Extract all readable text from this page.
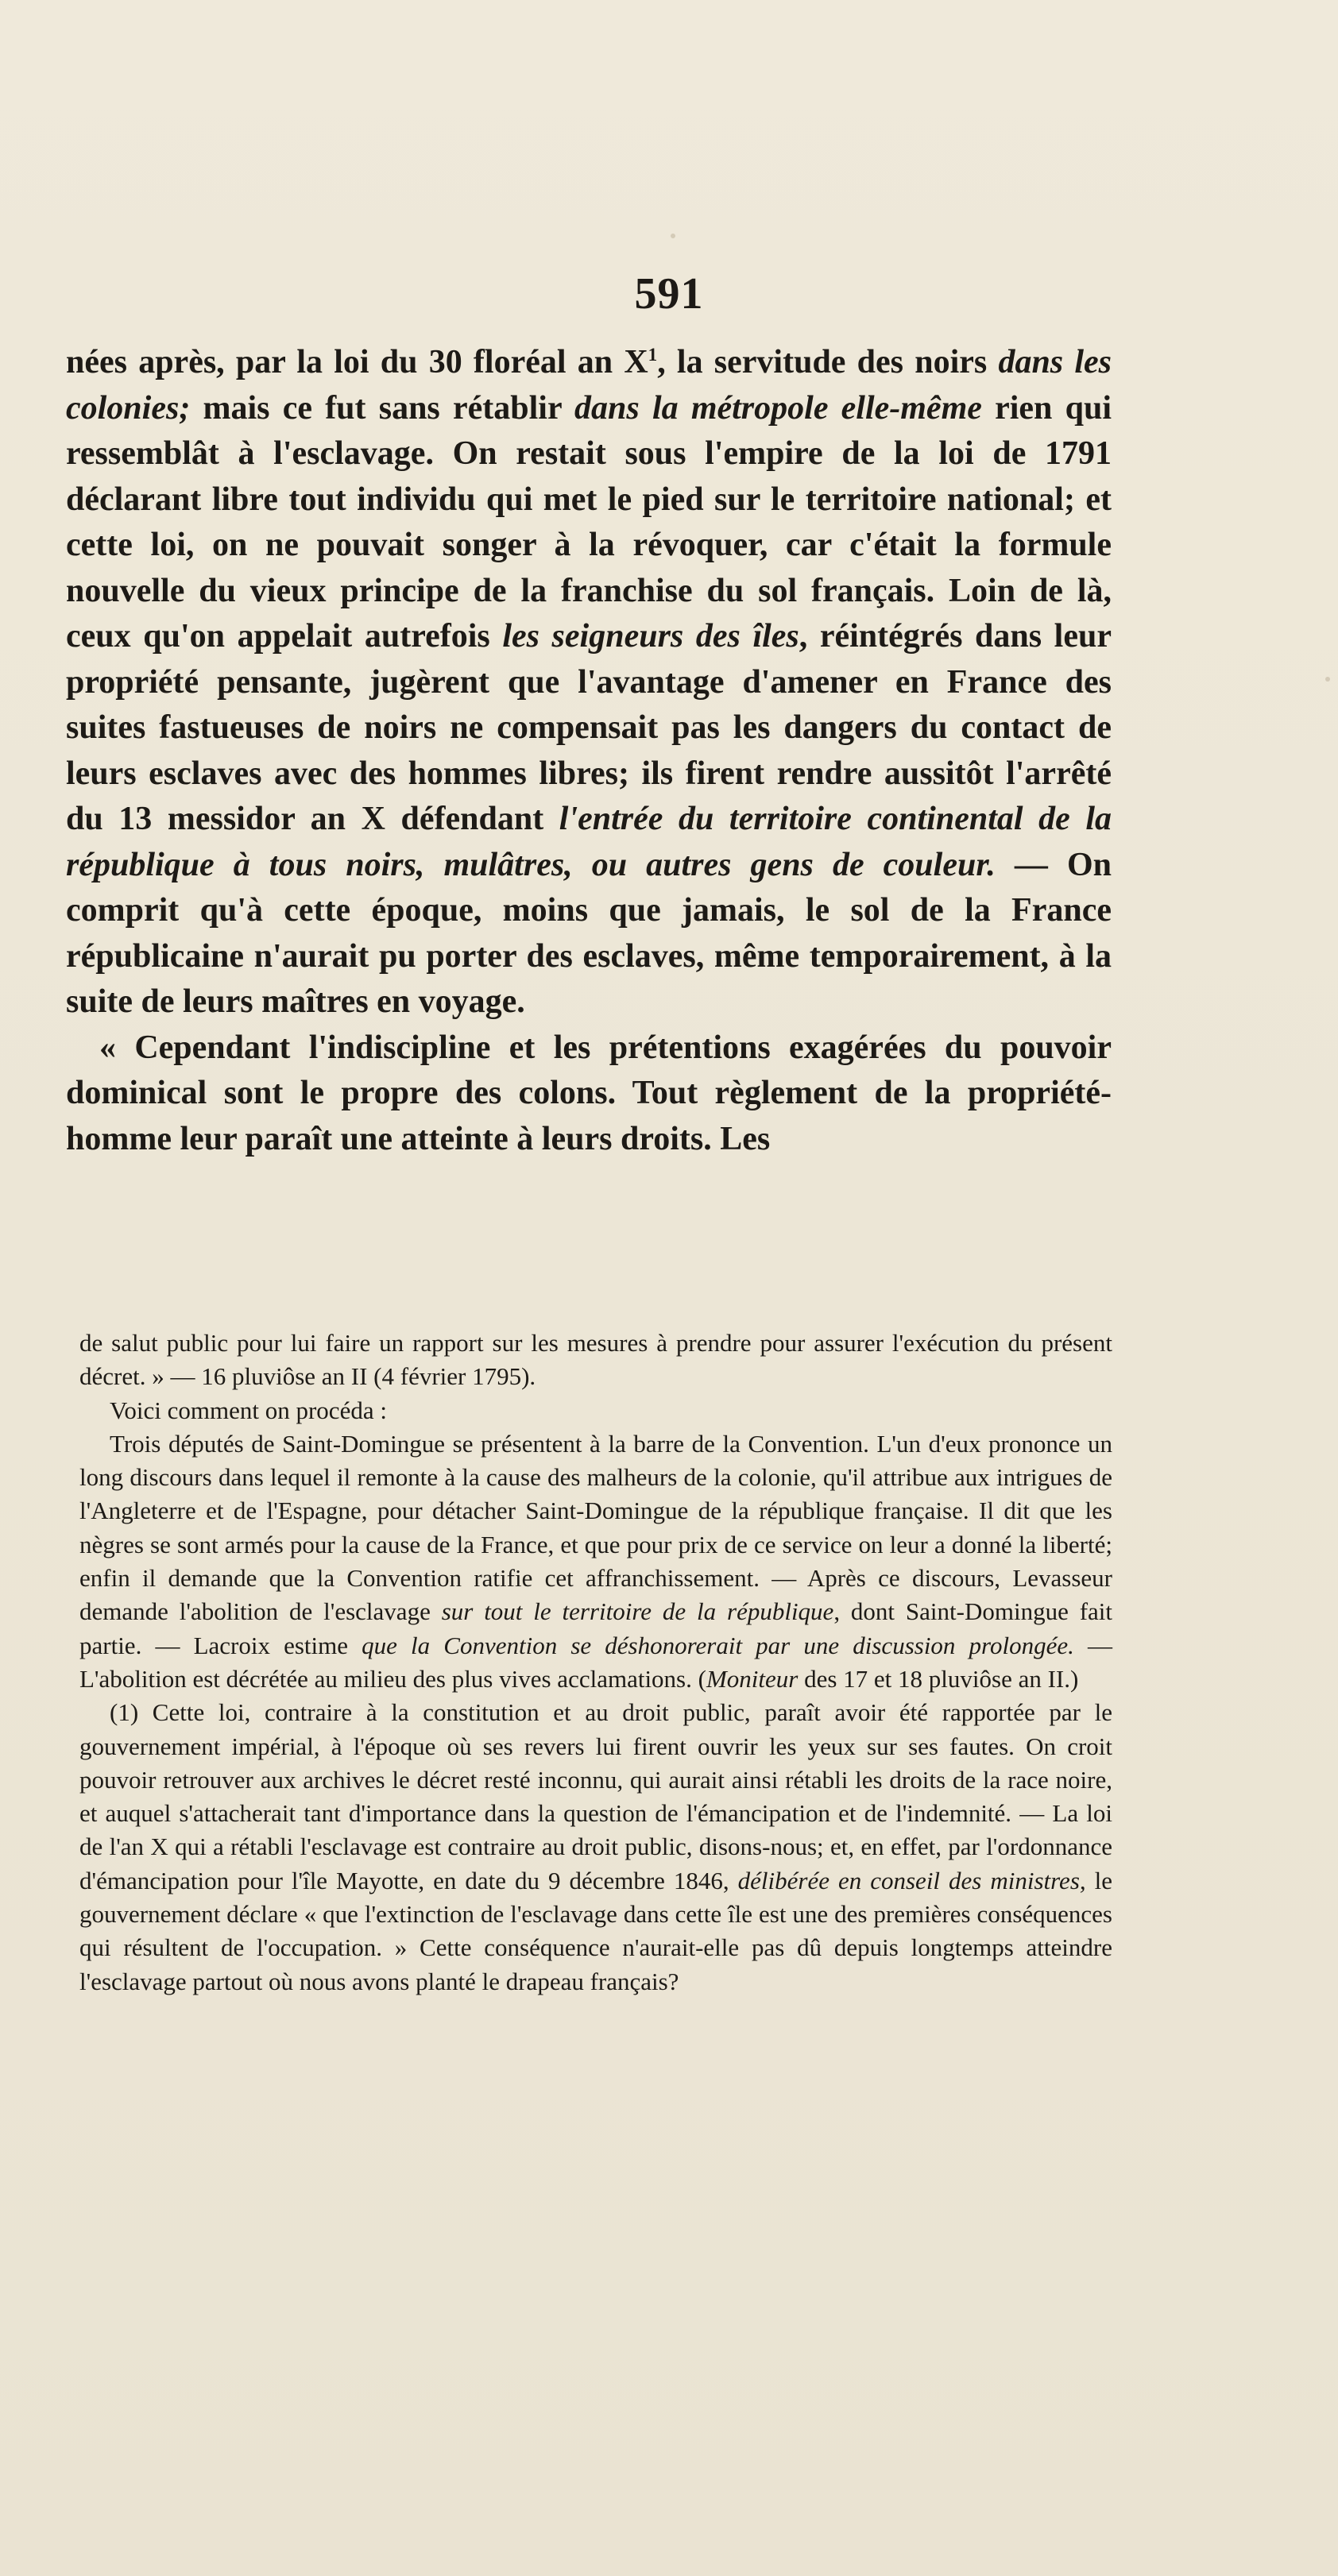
591

nées après, par la loi du 30 floréal an $X^1$, la servitude des noirs dans les colonies; mais ce fut sans rétablir dans la métropole elle-même rien qui ressemblât à l'esclavage. On restait sous l'empire de la loi de 1791 déclarant libre tout individu qui met le pied sur le territoire national; et cette loi, on ne pouvait songer à la révoquer, car c'était la formule nouvelle du vieux principe de la franchise du sol français. Loin de là, ceux qu'on appelait autrefois les seigneurs des îles, réintégrés dans leur propriété pensante, jugèrent que l'avantage d'amener en France des suites fastueuses de noirs ne compensait pas les dangers du contact de leurs esclaves avec des hommes libres; ils firent rendre aussitôt l'arrêté du 13 messidor an X défendant l'entrée du territoire continental de la république à tous noirs, mulâtres, ou autres gens de couleur. — On comprit qu'à cette époque, moins que jamais, le sol de la France républicaine n'aurait pu porter des esclaves, même temporairement, à la suite de leurs maîtres en voyage.

« Cependant l'indiscipline et les prétentions exagérées du pouvoir dominical sont le propre des colons. Tout règlement de la propriété-homme leur paraît une atteinte à leurs droits. Les

de salut public pour lui faire un rapport sur les mesures à prendre pour assurer l'exécution du présent décret. » — 16 pluviôse an II (4 février 1795).

Voici comment on procéda :

Trois députés de Saint-Domingue se présentent à la barre de la Convention. L'un d'eux prononce un long discours dans lequel il remonte à la cause des malheurs de la colonie, qu'il attribue aux intrigues de l'Angleterre et de l'Espagne, pour détacher Saint-Domingue de la république française. Il dit que les nègres se sont armés pour la cause de la France, et que pour prix de ce service on leur a donné la liberté; enfin il demande que la Convention ratifie cet affranchissement. — Après ce discours, Levasseur demande l'abolition de l'esclavage sur tout le territoire de la république, dont Saint-Domingue fait partie. — Lacroix estime que la Convention se déshonorerait par une discussion prolongée. — L'abolition est décrétée au milieu des plus vives acclamations. (Moniteur des 17 et 18 pluviôse an II.)

(1) Cette loi, contraire à la constitution et au droit public, paraît avoir été rapportée par le gouvernement impérial, à l'époque où ses revers lui firent ouvrir les yeux sur ses fautes. On croit pouvoir retrouver aux archives le décret resté inconnu, qui aurait ainsi rétabli les droits de la race noire, et auquel s'attacherait tant d'importance dans la question de l'émancipation et de l'indemnité. — La loi de l'an X qui a rétabli l'esclavage est contraire au droit public, disons-nous; et, en effet, par l'ordonnance d'émancipation pour l'île Mayotte, en date du 9 décembre 1846, délibérée en conseil des ministres, le gouvernement déclare « que l'extinction de l'esclavage dans cette île est une des premières conséquences qui résultent de l'occupation. » Cette conséquence n'aurait-elle pas dû depuis longtemps atteindre l'esclavage partout où nous avons planté le drapeau français?
